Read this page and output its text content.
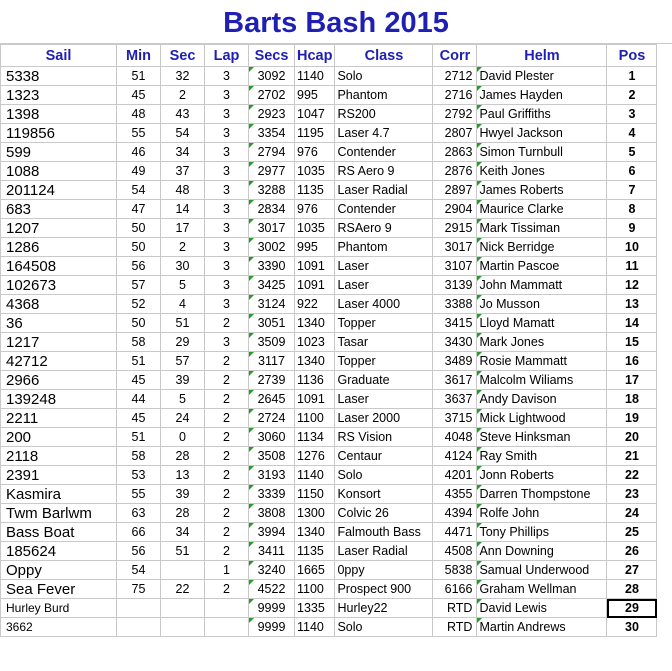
Barts Bash 2015
Sail	Min	Sec	Lap	Secs	Hcap	Class	Corr	Helm	Pos
5338	51	32	3	3092	1140	Solo	2712	David Plester	1
1323	45	2	3	2702	995	Phantom	2716	James Hayden	2
1398	48	43	3	2923	1047	RS200	2792	Paul Griffiths	3
119856	55	54	3	3354	1195	Laser 4.7	2807	Hwyel Jackson	4
599	46	34	3	2794	976	Contender	2863	Simon Turnbull	5
1088	49	37	3	2977	1035	RS Aero 9	2876	Keith Jones	6
201124	54	48	3	3288	1135	Laser Radial	2897	James Roberts	7
683	47	14	3	2834	976	Contender	2904	Maurice Clarke	8
1207	50	17	3	3017	1035	RSAero 9	2915	Mark Tissiman	9
1286	50	2	3	3002	995	Phantom	3017	Nick Berridge	10
164508	56	30	3	3390	1091	Laser	3107	Martin Pascoe	11
102673	57	5	3	3425	1091	Laser	3139	John Mammatt	12
4368	52	4	3	3124	922	Laser 4000	3388	Jo Musson	13
36	50	51	2	3051	1340	Topper	3415	Lloyd Mamatt	14
1217	58	29	3	3509	1023	Tasar	3430	Mark Jones	15
42712	51	57	2	3117	1340	Topper	3489	Rosie Mammatt	16
2966	45	39	2	2739	1136	Graduate	3617	Malcolm Wiliams	17
139248	44	5	2	2645	1091	Laser	3637	Andy Davison	18
2211	45	24	2	2724	1100	Laser 2000	3715	Mick Lightwood	19
200	51	0	2	3060	1134	RS Vision	4048	Steve Hinksman	20
2118	58	28	2	3508	1276	Centaur	4124	Ray Smith	21
2391	53	13	2	3193	1140	Solo	4201	Jonn Roberts	22
Kasmira	55	39	2	3339	1150	Konsort	4355	Darren Thompstone	23
Twm Barlwm	63	28	2	3808	1300	Colvic 26	4394	Rolfe John	24
Bass Boat	66	34	2	3994	1340	Falmouth Bass	4471	Tony Phillips	25
185624	56	51	2	3411	1135	Laser Radial	4508	Ann Downing	26
Oppy	54		1	3240	1665	0ppy	5838	Samual Underwood	27
Sea Fever	75	22	2	4522	1100	Prospect 900	6166	Graham Wellman	28
Hurley Burd				9999	1335	Hurley22	RTD	David Lewis	29
3662				9999	1140	Solo	RTD	Martin Andrews	30
